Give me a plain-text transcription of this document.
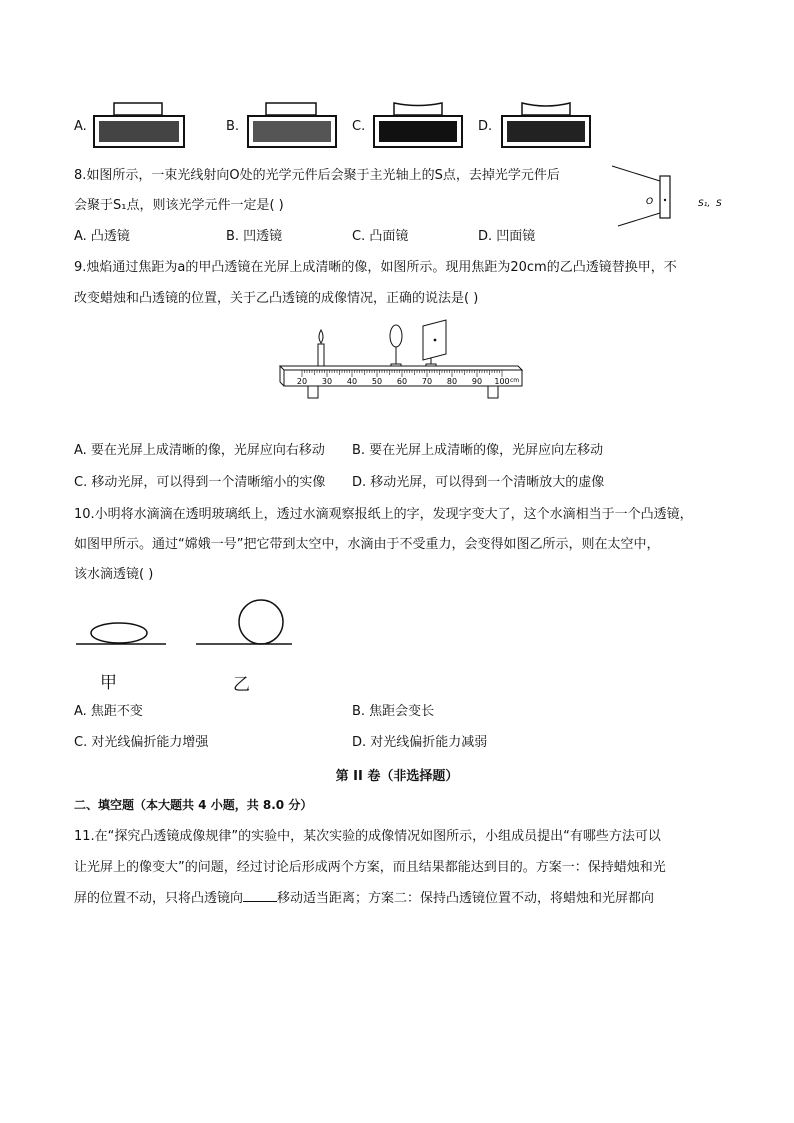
A.	B.	C.	D.
8.如图所示，一束光线射向O处的光学元件后会聚于主光轴上的S点，去掉光学元件后
会聚于S₁点，则该光学元件一定是( )	O	S₁, S
A. 凸透镜	B. 凹透镜	C. 凸面镜	D. 凹面镜
9.烛焰通过焦距为a的甲凸透镜在光屏上成清晰的像，如图所示。现用焦距为20cm的乙凸透镜替换甲，不
改变蜡烛和凸透镜的位置，关于乙凸透镜的成像情况，正确的说法是( )
20 30 40 50 60 70 80 90 100 cm
A. 要在光屏上成清晰的像，光屏应向右移动 B. 要在光屏上成清晰的像，光屏应向左移动
C. 移动光屏，可以得到一个清晰缩小的实像 D. 移动光屏，可以得到一个清晰放大的虚像
10.小明将水滴滴在透明玻璃纸上，透过水滴观察报纸上的字，发现字变大了，这个水滴相当于一个凸透镜，
如图甲所示。通过“嫦娥一号”把它带到太空中，水滴由于不受重力，会变得如图乙所示，则在太空中，
该水滴透镜( )
甲	乙
A. 焦距不变	B. 焦距会变长
C. 对光线偏折能力增强	D. 对光线偏折能力减弱
第 II 卷（非选择题）
二、填空题（本大题共 4 小题，共 8.0 分）
11.在“探究凸透镜成像规律”的实验中，某次实验的成像情况如图所示，小组成员提出“有哪些方法可以
让光屏上的像变大”的问题，经过讨论后形成两个方案，而且结果都能达到目的。方案一：保持蜡烛和光
屏的位置不动，只将凸透镜向	移动适当距离；方案二：保持凸透镜位置不动，将蜡烛和光屏都向
